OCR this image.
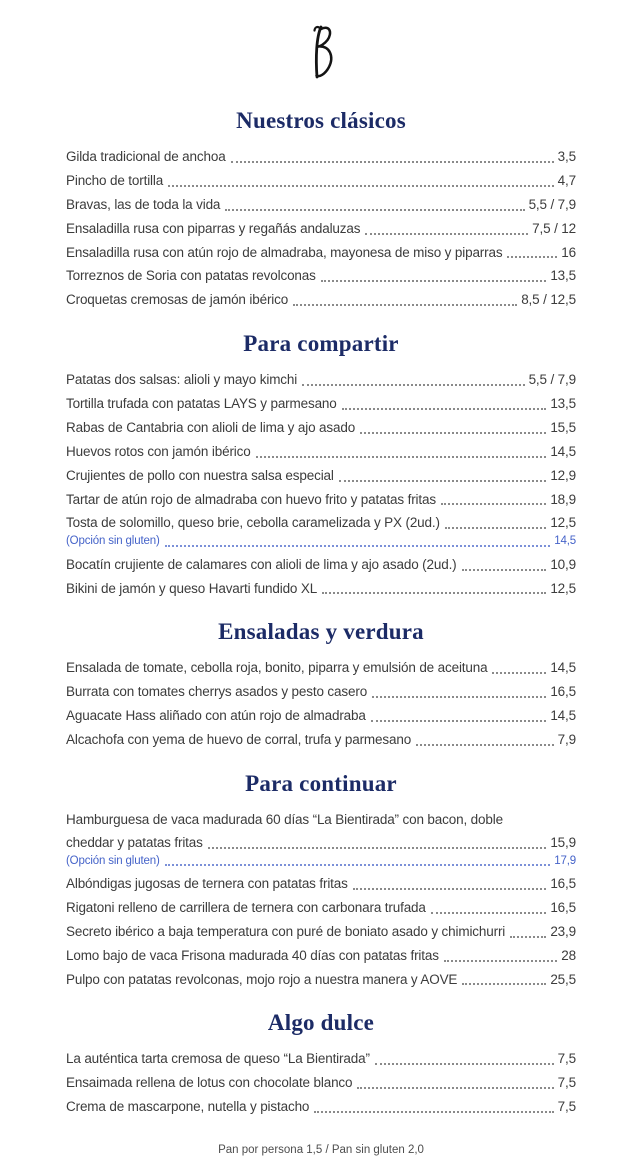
Nuestros clásicos
Gilda tradicional de anchoa	3,5
Pincho de tortilla	4,7
Bravas, las de toda la vida	5,5 / 7,9
Ensaladilla rusa con piparras y regañás andaluzas	7,5 / 12
Ensaladilla rusa con atún rojo de almadraba, mayonesa de miso y piparras	16
Torreznos de Soria con patatas revolconas	13,5
Croquetas cremosas de jamón ibérico	8,5 / 12,5
Para compartir
Patatas dos salsas: alioli y mayo kimchi	5,5 / 7,9
Tortilla trufada con patatas LAYS y parmesano	13,5
Rabas de Cantabria con alioli de lima y ajo asado	15,5
Huevos rotos con jamón ibérico	14,5
Crujientes de pollo con nuestra salsa especial	12,9
Tartar de atún rojo de almadraba con huevo frito y patatas fritas	18,9
Tosta de solomillo, queso brie, cebolla caramelizada y PX (2ud.)	12,5
(Opción sin gluten)	14,5
Bocatín crujiente de calamares con alioli de lima y ajo asado (2ud.)	10,9
Bikini de jamón y queso Havarti fundido XL	12,5
Ensaladas y verdura
Ensalada de tomate, cebolla roja, bonito, piparra y emulsión de aceituna	14,5
Burrata con tomates cherrys asados y pesto casero	16,5
Aguacate Hass aliñado con atún rojo de almadraba	14,5
Alcachofa con yema de huevo de corral, trufa y parmesano	7,9
Para continuar
Hamburguesa de vaca madurada 60 días “La Bientirada” con bacon, doble
cheddar y patatas fritas	15,9
(Opción sin gluten)	17,9
Albóndigas jugosas de ternera con patatas fritas	16,5
Rigatoni relleno de carrillera de ternera con carbonara trufada	16,5
Secreto ibérico a baja temperatura con puré de boniato asado y chimichurri	23,9
Lomo bajo de vaca Frisona madurada 40 días con patatas fritas	28
Pulpo con patatas revolconas, mojo rojo a nuestra manera y AOVE	25,5
Algo dulce
La auténtica tarta cremosa de queso “La Bientirada”	7,5
Ensaimada rellena de lotus con chocolate blanco	7,5
Crema de mascarpone, nutella y pistacho	7,5
Pan por persona 1,5 / Pan sin gluten 2,0
